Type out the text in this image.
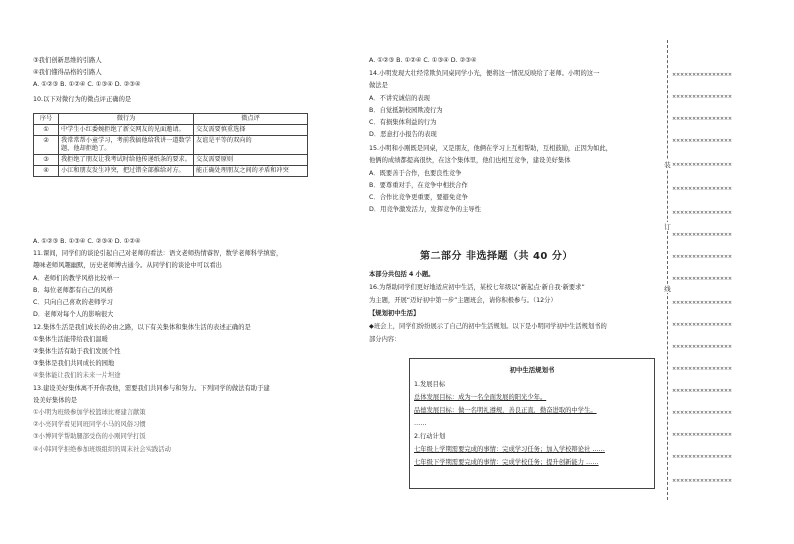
③我们创新思维的引路人
④我们懂得品格的引路人
A. ①②③ B. ①②④ C. ①③④ D. ②③④
10.以下对微行为的微点评正确的是
序号	微行为	微点评
①	中学生小红委婉拒绝了新交网友的见面邀请。	交友需要慎重选择
②	我常常帮小童学习，考前我搞他给我讲一道数学题，他却拒绝了。	友谊是平等的双向的
③	我拒绝了朋友让我考试时给他传递纸条的要求。	交友需要原则
④	小江和朋友发生冲突，把过错全部推给对方。	能正确处理朋友之间的矛盾和冲突
A. ①②③ B. ①③④ C. ②③④ D. ①②④
11.课间，同学们的谈论引起自己对老师的看法：语文老师热情睿智，数学老师科学缜密，
趣味老师风趣幽默，历史老师博古通今。从同学们的谈论中可以看出
A．老师们的教学风格比较单一
B．每位老师都有自己的风格
C．只向自己喜欢的老师学习
D．老师对每个人的影响很大
12.集体生活是我们成长的必由之路，以下有关集体和集体生活的表述正确的是
①集体生活能带给我们温暖
②集体生活有助于我们发展个性
③集体是我们共同成长的园地
④集体能让我们的未来一片坦途
13.建设美好集体离不开你我他，需要我们共同参与和努力。下列同学的做法有助于建
设美好集体的是
①小明为班级参加学校篮球比赛建言献策
②小亮同学看见同班同学小马的风俗习惯
③小博同学帮助腿部受伤的小刚同学打饭
④小韩同学拒绝参加班级组织的周末社会实践活动
A. ①②③ B. ①②④ C. ①③④ D. ②③④
14.小明发现大壮经常欺负同桌同学小光，便将这一情况反映给了老师。小明的这一
做法是
A．不讲究诚信的表现
B．自觉抵制校园欺凌行为
C．有损集体利益的行为
D．恶意打小报告的表现
15.小明和小刚既是同桌，又是朋友，他俩在学习上互相帮助，互相鼓励，正因为如此，
他俩的成绩都提高很快，在这个集体里，他们也相互竞争，建设美好集体
A．既要善于合作，也要良性竞争
B．要尊重对手，在竞争中相扶合作
C．合作比竞争更重要，要避免竞争
D．用竞争激发活力，发挥竞争的主导性
第二部分 非选择题（共 40 分）
本部分共包括 4 小题。
16.为帮助同学们更好地适应初中生活，某校七年级以“新起点·新自我·新要求”
为主题，开展“迈好初中第一步”主题班会，请你积极参与。（12分）
【规划初中生活】
◆班会上，同学们纷纷展示了自己的初中生活规划。以下是小明同学初中生活规划书的
部分内容：
初中生活规划书
1.发展目标
总体发展目标：成为一名全面发展的阳光少年。
品德发展目标：做一名明礼遵规，善良正直，勤奋进取的中学生。
……
2.行动计划
七年级上学期需要完成的事情：完成学习任务；加入学校辩论社 ……
七年级下学期需要完成的事情：完成学校任务；提升创新能力 ……
装
订
线
×××××××××××××××
×××××××××××××××
×××××××××××××××
×××××××××××××××
×××××××××××××××
×××××××××××××××
×××××××××××××××
×××××××××××××××
×××××××××××××××
×××××××××××××××
×××××××××××××××
×××××××××××××××
×××××××××××××××
×××××××××××××××
×××××××××××××××
×××××××××××××××
×××××××××××××××
×××××××××××××××
×××××××××××××××
